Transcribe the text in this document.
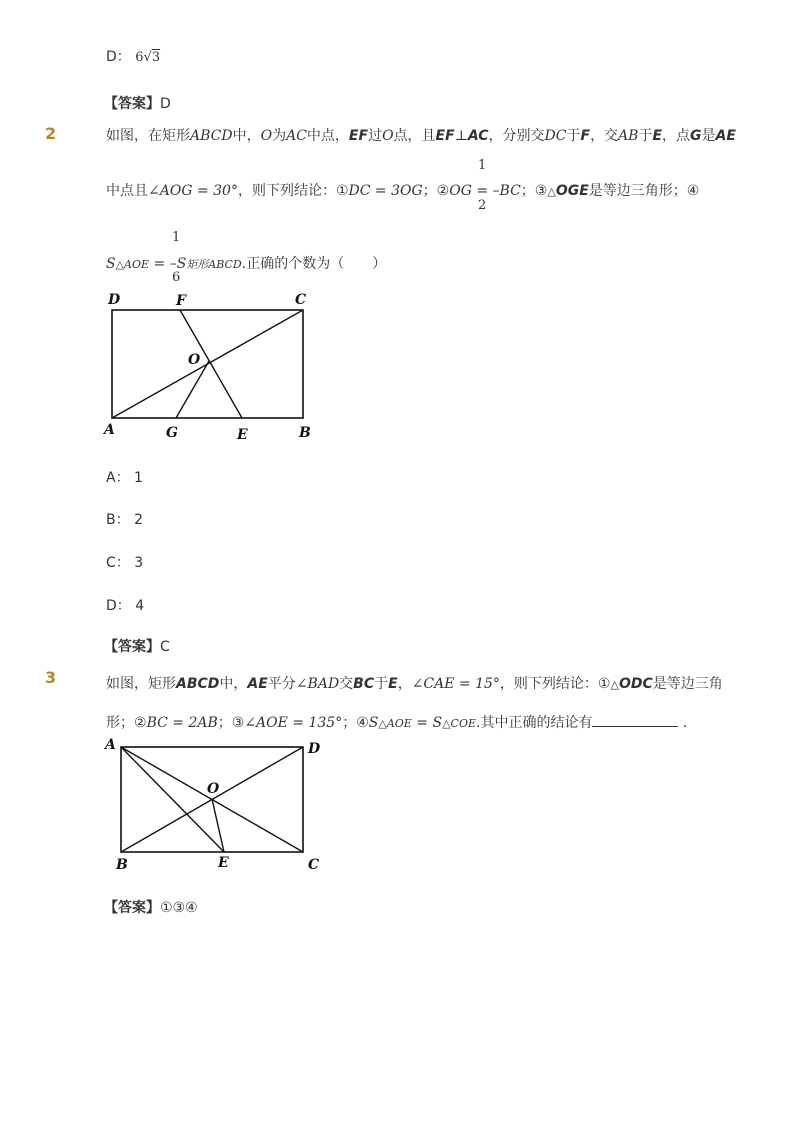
D： 6√3
【答案】D
2	如图，在矩形ABCD中，O为AC中点，EF过O点，且EF⊥AC，分别交DC于F，交AB于E，点G是AE
1
2
中点且∠AOG = 30°，则下列结论：①DC = 3OG；②OG = –BC；③△OGE是等边三角形；④
1
6
S△AOE = –S矩形ABCD.正确的个数为（　　）
D	F	C
O
A	G	E	B
A： 1
B： 2
C： 3
D： 4
【答案】C
3	如图，矩形ABCD中，AE平分∠BAD交BC于E，∠CAE = 15°，则下列结论：①△ODC是等边三角
形；②BC = 2AB；③∠AOE = 135°；④S△AOE = S△COE.其中正确的结论有	.
A	D
O
B	E	C
【答案】①③④
